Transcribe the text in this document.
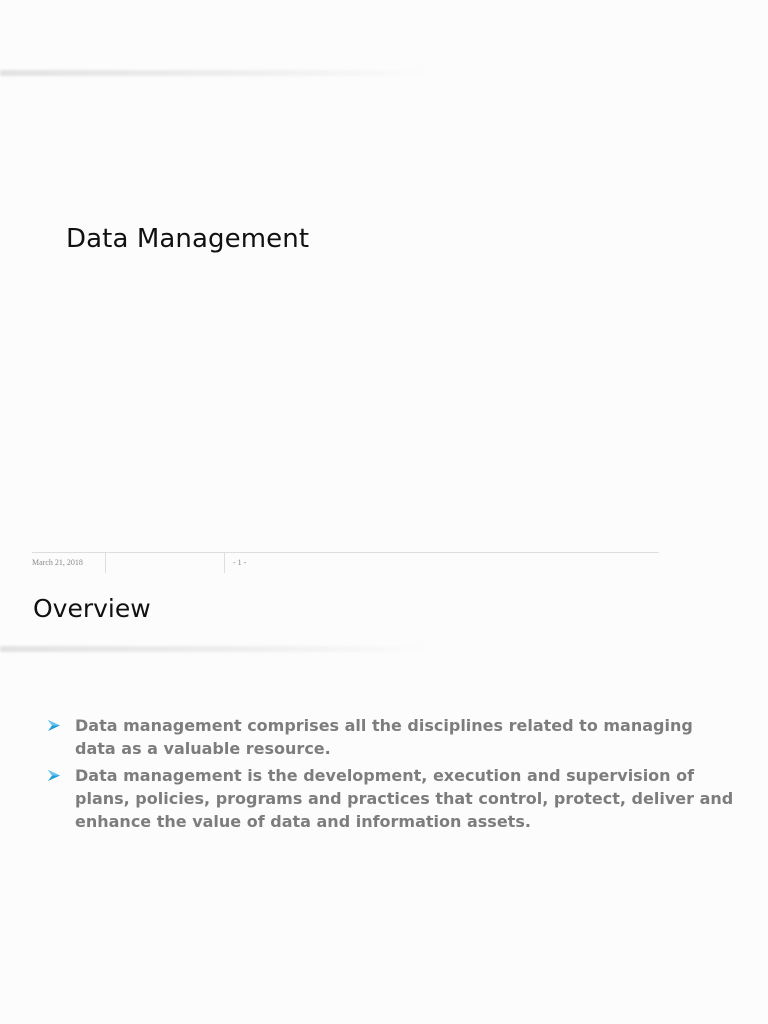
Data Management
March 21, 2018	- 1 -
Overview
Data management comprises all the disciplines related to managing data as a valuable resource.
Data management is the development, execution and supervision of plans, policies, programs and practices that control, protect, deliver and enhance the value of data and information assets.
